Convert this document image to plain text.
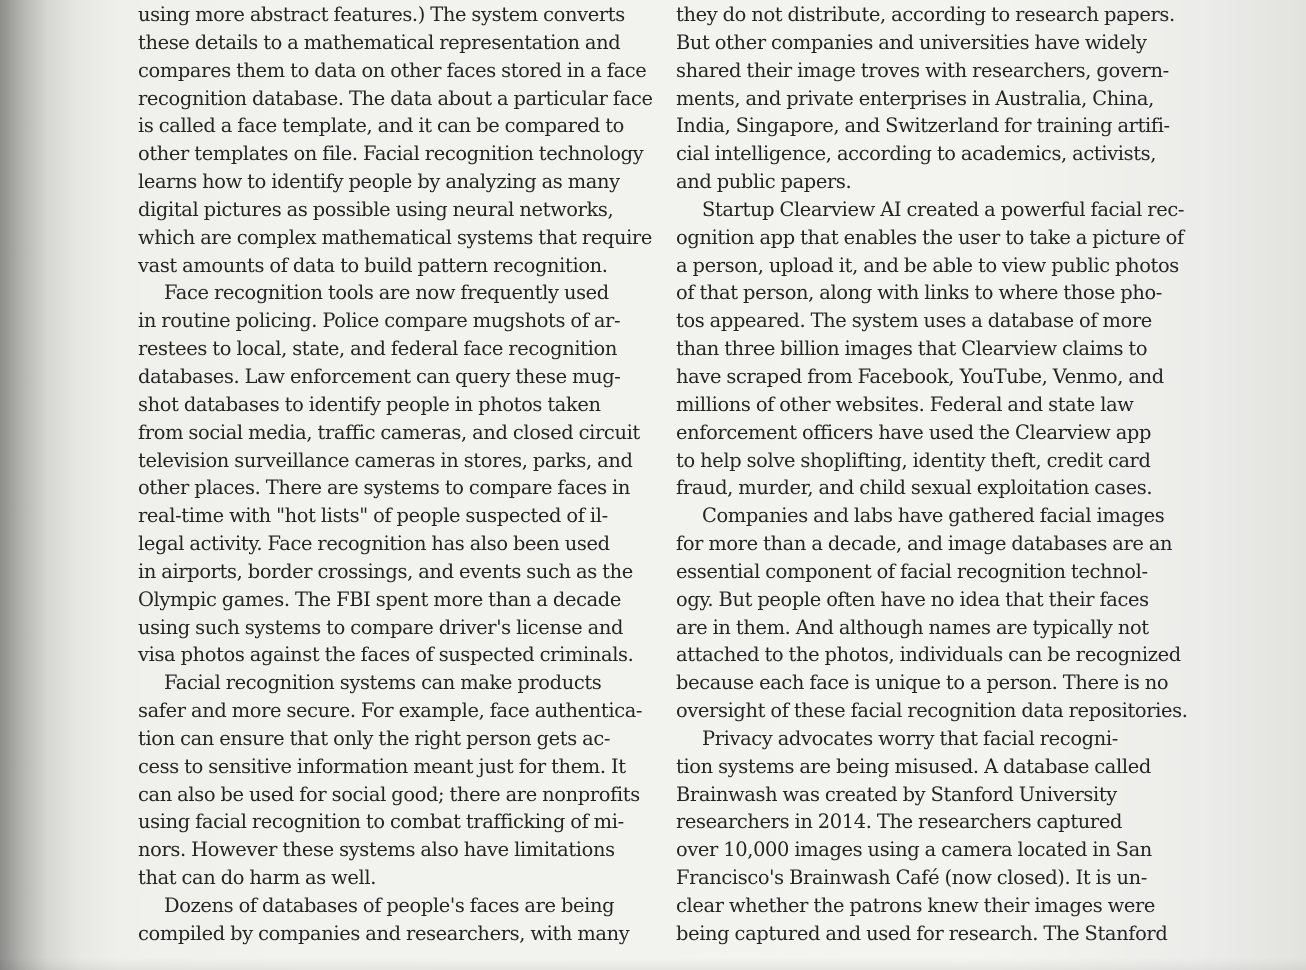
using more abstract features.) The system converts
these details to a mathematical representation and
compares them to data on other faces stored in a face
recognition database. The data about a particular face
is called a face template, and it can be compared to
other templates on file. Facial recognition technology
learns how to identify people by analyzing as many
digital pictures as possible using neural networks,
which are complex mathematical systems that require
vast amounts of data to build pattern recognition.
Face recognition tools are now frequently used
in routine policing. Police compare mugshots of ar-
restees to local, state, and federal face recognition
databases. Law enforcement can query these mug-
shot databases to identify people in photos taken
from social media, traffic cameras, and closed circuit
television surveillance cameras in stores, parks, and
other places. There are systems to compare faces in
real-time with "hot lists" of people suspected of il-
legal activity. Face recognition has also been used
in airports, border crossings, and events such as the
Olympic games. The FBI spent more than a decade
using such systems to compare driver's license and
visa photos against the faces of suspected criminals.
Facial recognition systems can make products
safer and more secure. For example, face authentica-
tion can ensure that only the right person gets ac-
cess to sensitive information meant just for them. It
can also be used for social good; there are nonprofits
using facial recognition to combat trafficking of mi-
nors. However these systems also have limitations
that can do harm as well.
Dozens of databases of people's faces are being
compiled by companies and researchers, with many
they do not distribute, according to research papers.
But other companies and universities have widely
shared their image troves with researchers, govern-
ments, and private enterprises in Australia, China,
India, Singapore, and Switzerland for training artifi-
cial intelligence, according to academics, activists,
and public papers.
Startup Clearview AI created a powerful facial rec-
ognition app that enables the user to take a picture of
a person, upload it, and be able to view public photos
of that person, along with links to where those pho-
tos appeared. The system uses a database of more
than three billion images that Clearview claims to
have scraped from Facebook, YouTube, Venmo, and
millions of other websites. Federal and state law
enforcement officers have used the Clearview app
to help solve shoplifting, identity theft, credit card
fraud, murder, and child sexual exploitation cases.
Companies and labs have gathered facial images
for more than a decade, and image databases are an
essential component of facial recognition technol-
ogy. But people often have no idea that their faces
are in them. And although names are typically not
attached to the photos, individuals can be recognized
because each face is unique to a person. There is no
oversight of these facial recognition data repositories.
Privacy advocates worry that facial recogni-
tion systems are being misused. A database called
Brainwash was created by Stanford University
researchers in 2014. The researchers captured
over 10,000 images using a camera located in San
Francisco's Brainwash Café (now closed). It is un-
clear whether the patrons knew their images were
being captured and used for research. The Stanford
